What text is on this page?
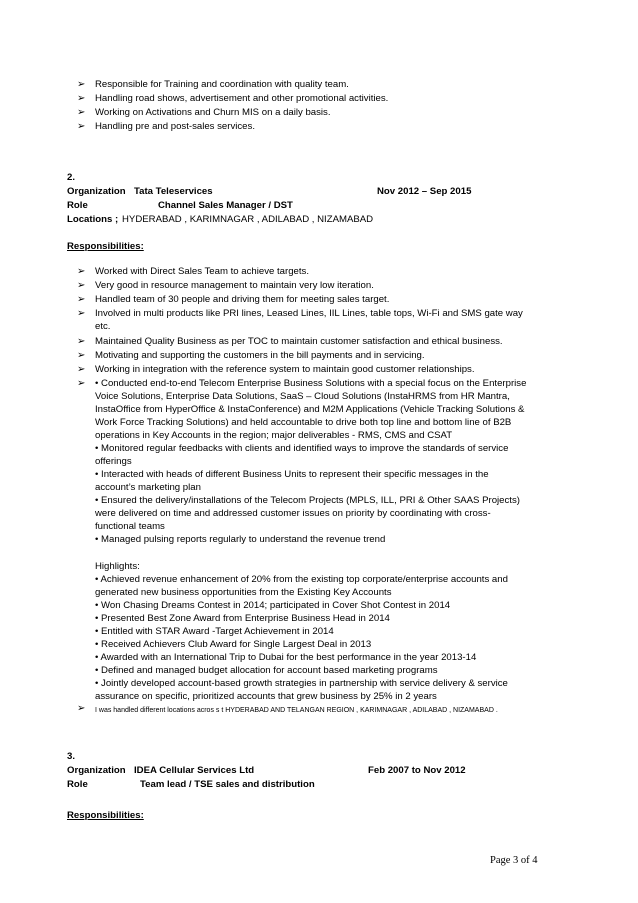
➢ Responsible for Training and coordination with quality team.
➢ Handling road shows, advertisement and other promotional activities.
➢ Working on Activations and Churn MIS on a daily basis.
➢ Handling pre and post-sales services.
2.
Organization Tata Teleservices	Nov 2012 – Sep 2015
Role	Channel Sales Manager / DST
Locations ; HYDERABAD , KARIMNAGAR , ADILABAD , NIZAMABAD
Responsibilities:
➢ Worked with Direct Sales Team to achieve targets.
➢ Very good in resource management to maintain very low iteration.
➢ Handled team of 30 people and driving them for meeting sales target.
➢ Involved in multi products like PRI lines, Leased Lines, IIL Lines, table tops, Wi-Fi and SMS gate way
etc.
➢ Maintained Quality Business as per TOC to maintain customer satisfaction and ethical business.
➢ Motivating and supporting the customers in the bill payments and in servicing.
➢ Working in integration with the reference system to maintain good customer relationships.
➢ • Conducted end-to-end Telecom Enterprise Business Solutions with a special focus on the Enterprise
Voice Solutions, Enterprise Data Solutions, SaaS – Cloud Solutions (InstaHRMS from HR Mantra,
InstaOffice from HyperOffice & InstaConference) and M2M Applications (Vehicle Tracking Solutions &
Work Force Tracking Solutions) and held accountable to drive both top line and bottom line of B2B
operations in Key Accounts in the region; major deliverables - RMS, CMS and CSAT
• Monitored regular feedbacks with clients and identified ways to improve the standards of service
offerings
• Interacted with heads of different Business Units to represent their specific messages in the
account’s marketing plan
• Ensured the delivery/installations of the Telecom Projects (MPLS, ILL, PRI & Other SAAS Projects)
were delivered on time and addressed customer issues on priority by coordinating with cross-
functional teams
• Managed pulsing reports regularly to understand the revenue trend
Highlights:
• Achieved revenue enhancement of 20% from the existing top corporate/enterprise accounts and
generated new business opportunities from the Existing Key Accounts
• Won Chasing Dreams Contest in 2014; participated in Cover Shot Contest in 2014
• Presented Best Zone Award from Enterprise Business Head in 2014
• Entitled with STAR Award -Target Achievement in 2014
• Received Achievers Club Award for Single Largest Deal in 2013
• Awarded with an International Trip to Dubai for the best performance in the year 2013-14
• Defined and managed budget allocation for account based marketing programs
• Jointly developed account-based growth strategies in partnership with service delivery & service
assurance on specific, prioritized accounts that grew business by 25% in 2 years
➢ I was handled different locations acros s t HYDERABAD AND TELANGAN REGION , KARIMNAGAR , ADILABAD , NIZAMABAD .
3.
Organization IDEA Cellular Services Ltd	Feb 2007 to Nov 2012
Role	Team lead / TSE sales and distribution
Responsibilities:
Page 3 of 4
